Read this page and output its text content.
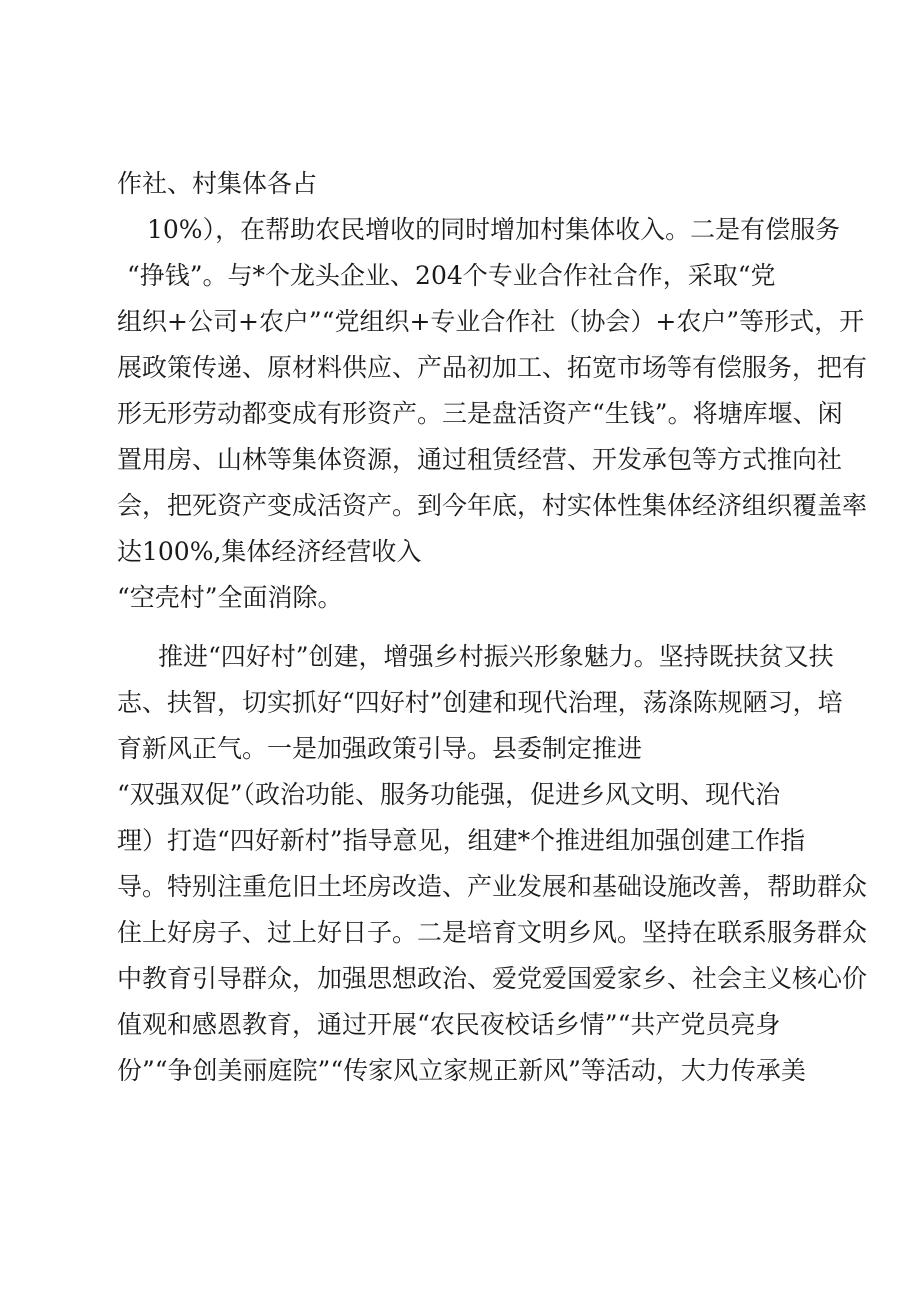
作社、村集体各占
10%），在帮助农民增收的同时增加村集体收入。二是有偿服务
“挣钱”。与*个龙头企业、204个专业合作社合作，采取“党
组织+公司+农户”“党组织+专业合作社（协会）+农户”等形式，开
展政策传递、原材料供应、产品初加工、拓宽市场等有偿服务，把有
形无形劳动都变成有形资产。三是盘活资产“生钱”。将塘库堰、闲
置用房、山林等集体资源，通过租赁经营、开发承包等方式推向社
会，把死资产变成活资产。到今年底，村实体性集体经济组织覆盖率
达100%,集体经济经营收入
“空壳村”全面消除。
推进“四好村”创建，增强乡村振兴形象魅力。坚持既扶贫又扶
志、扶智，切实抓好“四好村”创建和现代治理，荡涤陈规陋习，培
育新风正气。一是加强政策引导。县委制定推进
“双强双促”（政治功能、服务功能强，促进乡风文明、现代治
理）打造“四好新村”指导意见，组建*个推进组加强创建工作指
导。特别注重危旧土坯房改造、产业发展和基础设施改善，帮助群众
住上好房子、过上好日子。二是培育文明乡风。坚持在联系服务群众
中教育引导群众，加强思想政治、爱党爱国爱家乡、社会主义核心价
值观和感恩教育，通过开展“农民夜校话乡情”“共产党员亮身
份”“争创美丽庭院”“传家风立家规正新风”等活动，大力传承美
